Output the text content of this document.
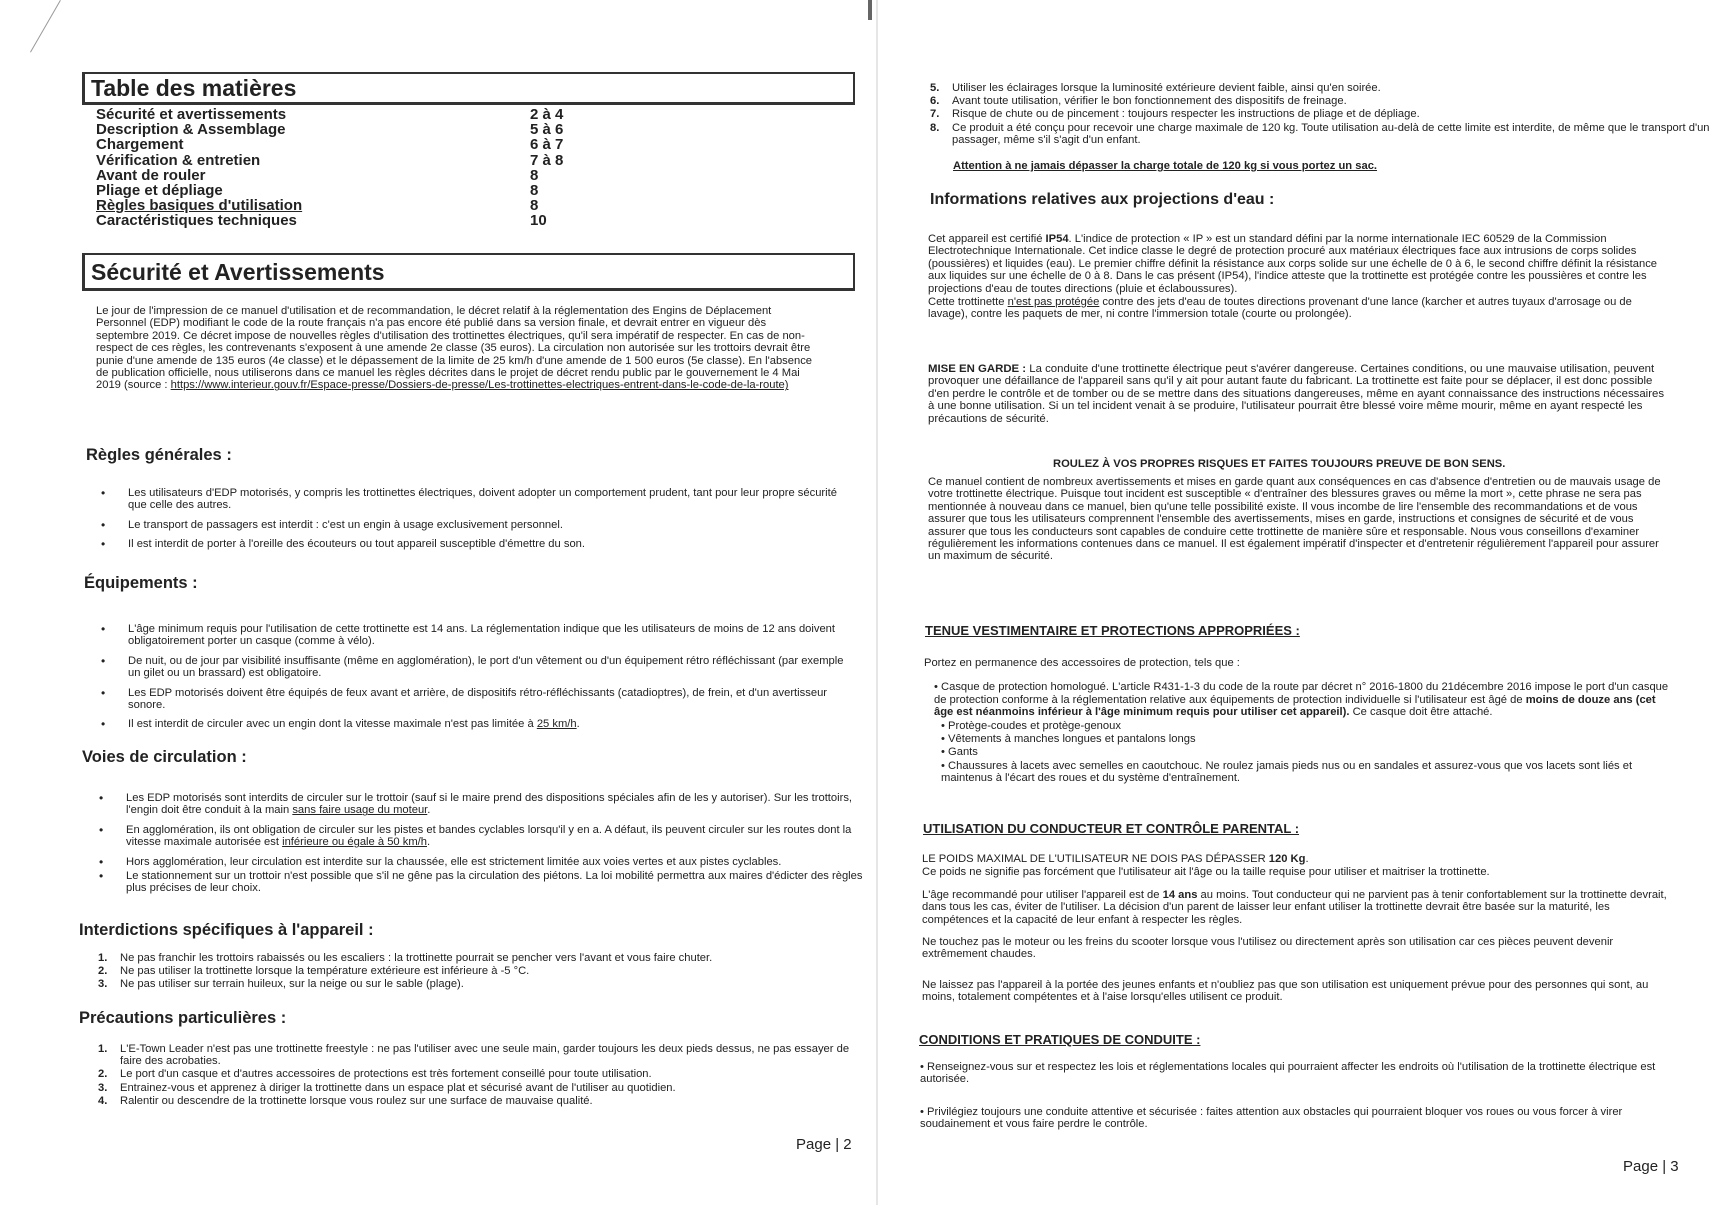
Table des matières
Sécurité et avertissements	2 à 4
Description & Assemblage	5 à 6
Chargement	6 à 7
Vérification & entretien	7 à 8
Avant de rouler	8
Pliage et dépliage	8
Règles basiques d'utilisation	8
Caractéristiques techniques	10
Sécurité et Avertissements
Le jour de l'impression de ce manuel d'utilisation et de recommandation, le décret relatif à la réglementation des Engins de Déplacement Personnel (EDP) modifiant le code de la route français n'a pas encore été publié dans sa version finale, et devrait entrer en vigueur dès septembre 2019. Ce décret impose de nouvelles règles d'utilisation des trottinettes électriques, qu'il sera impératif de respecter. En cas de non-respect de ces règles, les contrevenants s'exposent à une amende 2e classe (35 euros). La circulation non autorisée sur les trottoirs devrait être punie d'une amende de 135 euros (4e classe) et le dépassement de la limite de 25 km/h d'une amende de 1 500 euros (5e classe). En l'absence de publication officielle, nous utiliserons dans ce manuel les règles décrites dans le projet de décret rendu public par le gouvernement le 4 Mai 2019 (source : https://www.interieur.gouv.fr/Espace-presse/Dossiers-de-presse/Les-trottinettes-electriques-entrent-dans-le-code-de-la-route)
Règles générales :
• Les utilisateurs d'EDP motorisés, y compris les trottinettes électriques, doivent adopter un comportement prudent, tant pour leur propre sécurité que celle des autres.
• Le transport de passagers est interdit : c'est un engin à usage exclusivement personnel.
• Il est interdit de porter à l'oreille des écouteurs ou tout appareil susceptible d'émettre du son.
Équipements :
• L'âge minimum requis pour l'utilisation de cette trottinette est 14 ans. La réglementation indique que les utilisateurs de moins de 12 ans doivent obligatoirement porter un casque (comme à vélo).
• De nuit, ou de jour par visibilité insuffisante (même en agglomération), le port d'un vêtement ou d'un équipement rétro réfléchissant (par exemple un gilet ou un brassard) est obligatoire.
• Les EDP motorisés doivent être équipés de feux avant et arrière, de dispositifs rétro-réfléchissants (catadioptres), de frein, et d'un avertisseur sonore.
• Il est interdit de circuler avec un engin dont la vitesse maximale n'est pas limitée à 25 km/h.
Voies de circulation :
• Les EDP motorisés sont interdits de circuler sur le trottoir (sauf si le maire prend des dispositions spéciales afin de les y autoriser). Sur les trottoirs, l'engin doit être conduit à la main sans faire usage du moteur.
• En agglomération, ils ont obligation de circuler sur les pistes et bandes cyclables lorsqu'il y en a. A défaut, ils peuvent circuler sur les routes dont la vitesse maximale autorisée est inférieure ou égale à 50 km/h.
• Hors agglomération, leur circulation est interdite sur la chaussée, elle est strictement limitée aux voies vertes et aux pistes cyclables.
• Le stationnement sur un trottoir n'est possible que s'il ne gêne pas la circulation des piétons. La loi mobilité permettra aux maires d'édicter des règles plus précises de leur choix.
Interdictions spécifiques à l'appareil :
1. Ne pas franchir les trottoirs rabaissés ou les escaliers : la trottinette pourrait se pencher vers l'avant et vous faire chuter.
2. Ne pas utiliser la trottinette lorsque la température extérieure est inférieure à -5 °C.
3. Ne pas utiliser sur terrain huileux, sur la neige ou sur le sable (plage).
Précautions particulières :
1. L'E-Town Leader n'est pas une trottinette freestyle : ne pas l'utiliser avec une seule main, garder toujours les deux pieds dessus, ne pas essayer de faire des acrobaties.
2. Le port d'un casque et d'autres accessoires de protections est très fortement conseillé pour toute utilisation.
3. Entrainez-vous et apprenez à diriger la trottinette dans un espace plat et sécurisé avant de l'utiliser au quotidien.
4. Ralentir ou descendre de la trottinette lorsque vous roulez sur une surface de mauvaise qualité.
Page | 2
5. Utiliser les éclairages lorsque la luminosité extérieure devient faible, ainsi qu'en soirée.
6. Avant toute utilisation, vérifier le bon fonctionnement des dispositifs de freinage.
7. Risque de chute ou de pincement : toujours respecter les instructions de pliage et de dépliage.
8. Ce produit a été conçu pour recevoir une charge maximale de 120 kg. Toute utilisation au-delà de cette limite est interdite, de même que le transport d'un passager, même s'il s'agit d'un enfant.
Attention à ne jamais dépasser la charge totale de 120 kg si vous portez un sac.
Informations relatives aux projections d'eau :

Cet appareil est certifié IP54. L'indice de protection « IP » est un standard défini par la norme internationale IEC 60529 de la Commission Electrotechnique Internationale. Cet indice classe le degré de protection procuré aux matériaux électriques face aux intrusions de corps solides (poussières) et liquides (eau). Le premier chiffre définit la résistance aux corps solide sur une échelle de 0 à 6, le second chiffre définit la résistance aux liquides sur une échelle de 0 à 8. Dans le cas présent (IP54), l'indice atteste que la trottinette est protégée contre les poussières et contre les projections d'eau de toutes directions (pluie et éclaboussures).

Cette trottinette n'est pas protégée contre des jets d'eau de toutes directions provenant d'une lance (karcher et autres tuyaux d'arrosage ou de lavage), contre les paquets de mer, ni contre l'immersion totale (courte ou prolongée).

MISE EN GARDE : La conduite d'une trottinette électrique peut s'avérer dangereuse. Certaines conditions, ou une mauvaise utilisation, peuvent provoquer une défaillance de l'appareil sans qu'il y ait pour autant faute du fabricant. La trottinette est faite pour se déplacer, il est donc possible d'en perdre le contrôle et de tomber ou de se mettre dans des situations dangereuses, même en ayant connaissance des instructions nécessaires à une bonne utilisation. Si un tel incident venait à se produire, l'utilisateur pourrait être blessé voire même mourir, même en ayant respecté les précautions de sécurité.
ROULEZ À VOS PROPRES RISQUES ET FAITES TOUJOURS PREUVE DE BON SENS.
Ce manuel contient de nombreux avertissements et mises en garde quant aux conséquences en cas d'absence d'entretien ou de mauvais usage de votre trottinette électrique. Puisque tout incident est susceptible « d'entraîner des blessures graves ou même la mort », cette phrase ne sera pas mentionnée à nouveau dans ce manuel, bien qu'une telle possibilité existe. Il vous incombe de lire l'ensemble des recommandations et de vous assurer que tous les utilisateurs comprennent l'ensemble des avertissements, mises en garde, instructions et consignes de sécurité et de vous assurer que tous les conducteurs sont capables de conduire cette trottinette de manière sûre et responsable. Nous vous conseillons d'examiner régulièrement les informations contenues dans ce manuel. Il est également impératif d'inspecter et d'entretenir régulièrement l'appareil pour assurer un maximum de sécurité.
TENUE VESTIMENTAIRE ET PROTECTIONS APPROPRIÉES :

Portez en permanence des accessoires de protection, tels que :

• Casque de protection homologué. L'article R431-1-3 du code de la route par décret n° 2016-1800 du 21décembre 2016 impose le port d'un casque de protection conforme à la réglementation relative aux équipements de protection individuelle si l'utilisateur est âgé de moins de douze ans (cet âge est néanmoins inférieur à l'âge minimum requis pour utiliser cet appareil). Ce casque doit être attaché.

• Protège-coudes et protège-genoux

• Vêtements à manches longues et pantalons longs

• Gants

• Chaussures à lacets avec semelles en caoutchouc. Ne roulez jamais pieds nus ou en sandales et assurez-vous que vos lacets sont liés et maintenus à l'écart des roues et du système d'entraînement.

UTILISATION DU CONDUCTEUR ET CONTRÔLE PARENTAL :

LE POIDS MAXIMAL DE L'UTILISATEUR NE DOIS PAS DÉPASSER 120 Kg.

Ce poids ne signifie pas forcément que l'utilisateur ait l'âge ou la taille requise pour utiliser et maitriser la trottinette.

L'âge recommandé pour utiliser l'appareil est de 14 ans au moins. Tout conducteur qui ne parvient pas à tenir confortablement sur la trottinette devrait, dans tous les cas, éviter de l'utiliser. La décision d'un parent de laisser leur enfant utiliser la trottinette devrait être basée sur la maturité, les compétences et la capacité de leur enfant à respecter les règles.

Ne touchez pas le moteur ou les freins du scooter lorsque vous l'utilisez ou directement après son utilisation car ces pièces peuvent devenir extrêmement chaudes.

Ne laissez pas l'appareil à la portée des jeunes enfants et n'oubliez pas que son utilisation est uniquement prévue pour des personnes qui sont, au moins, totalement compétentes et à l'aise lorsqu'elles utilisent ce produit.

CONDITIONS ET PRATIQUES DE CONDUITE :

• Renseignez-vous sur et respectez les lois et réglementations locales qui pourraient affecter les endroits où l'utilisation de la trottinette électrique est autorisée.

• Privilégiez toujours une conduite attentive et sécurisée : faites attention aux obstacles qui pourraient bloquer vos roues ou vous forcer à virer soudainement et vous faire perdre le contrôle.

Page | 3
